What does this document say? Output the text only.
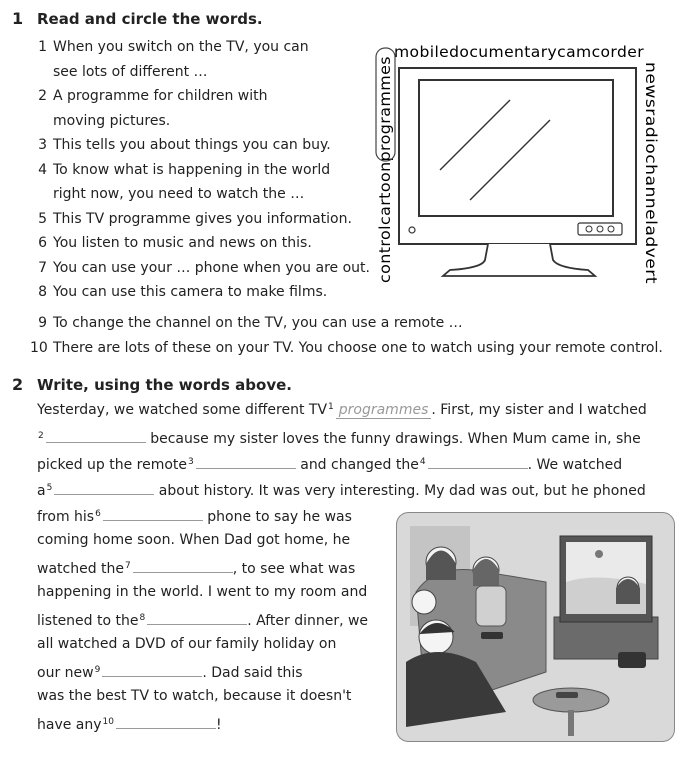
1 Read and circle the words.
1 When you switch on the TV, you can
see lots of different …
2 A programme for children with
moving pictures.
3 This tells you about things you can buy.
4 To know what is happening in the world
right now, you need to watch the …
5 This TV programme gives you information.
6 You listen to music and news on this.
7 You can use your … phone when you are out.
8 You can use this camera to make films.
9 To change the channel on the TV, you can use a remote …
10 There are lots of these on your TV. You choose one to watch using your remote control.
mobiledocumentarycamcorder
newsradiochanneladvert
controlcartoonprogrammes
2 Write, using the words above.
Yesterday, we watched some different $TV^1$ programmes . First, my sister and I watched
$^2$	because my sister loves the funny drawings. When Mum came in, she
picked up the remote$^3$	and changed the$^4$	. We watched
$a^5$	about history. It was very interesting. My dad was out, but he phoned
from his$^6$	phone to say he was
coming home soon. When Dad got home, he
watched the$^7$	, to see what was
happening in the world. I went to my room and
listened to the$^8$	. After dinner, we
all watched a DVD of our family holiday on
our new$^9$	. Dad said this
was the best TV to watch, because it doesn't
have any$^{10}$	!
